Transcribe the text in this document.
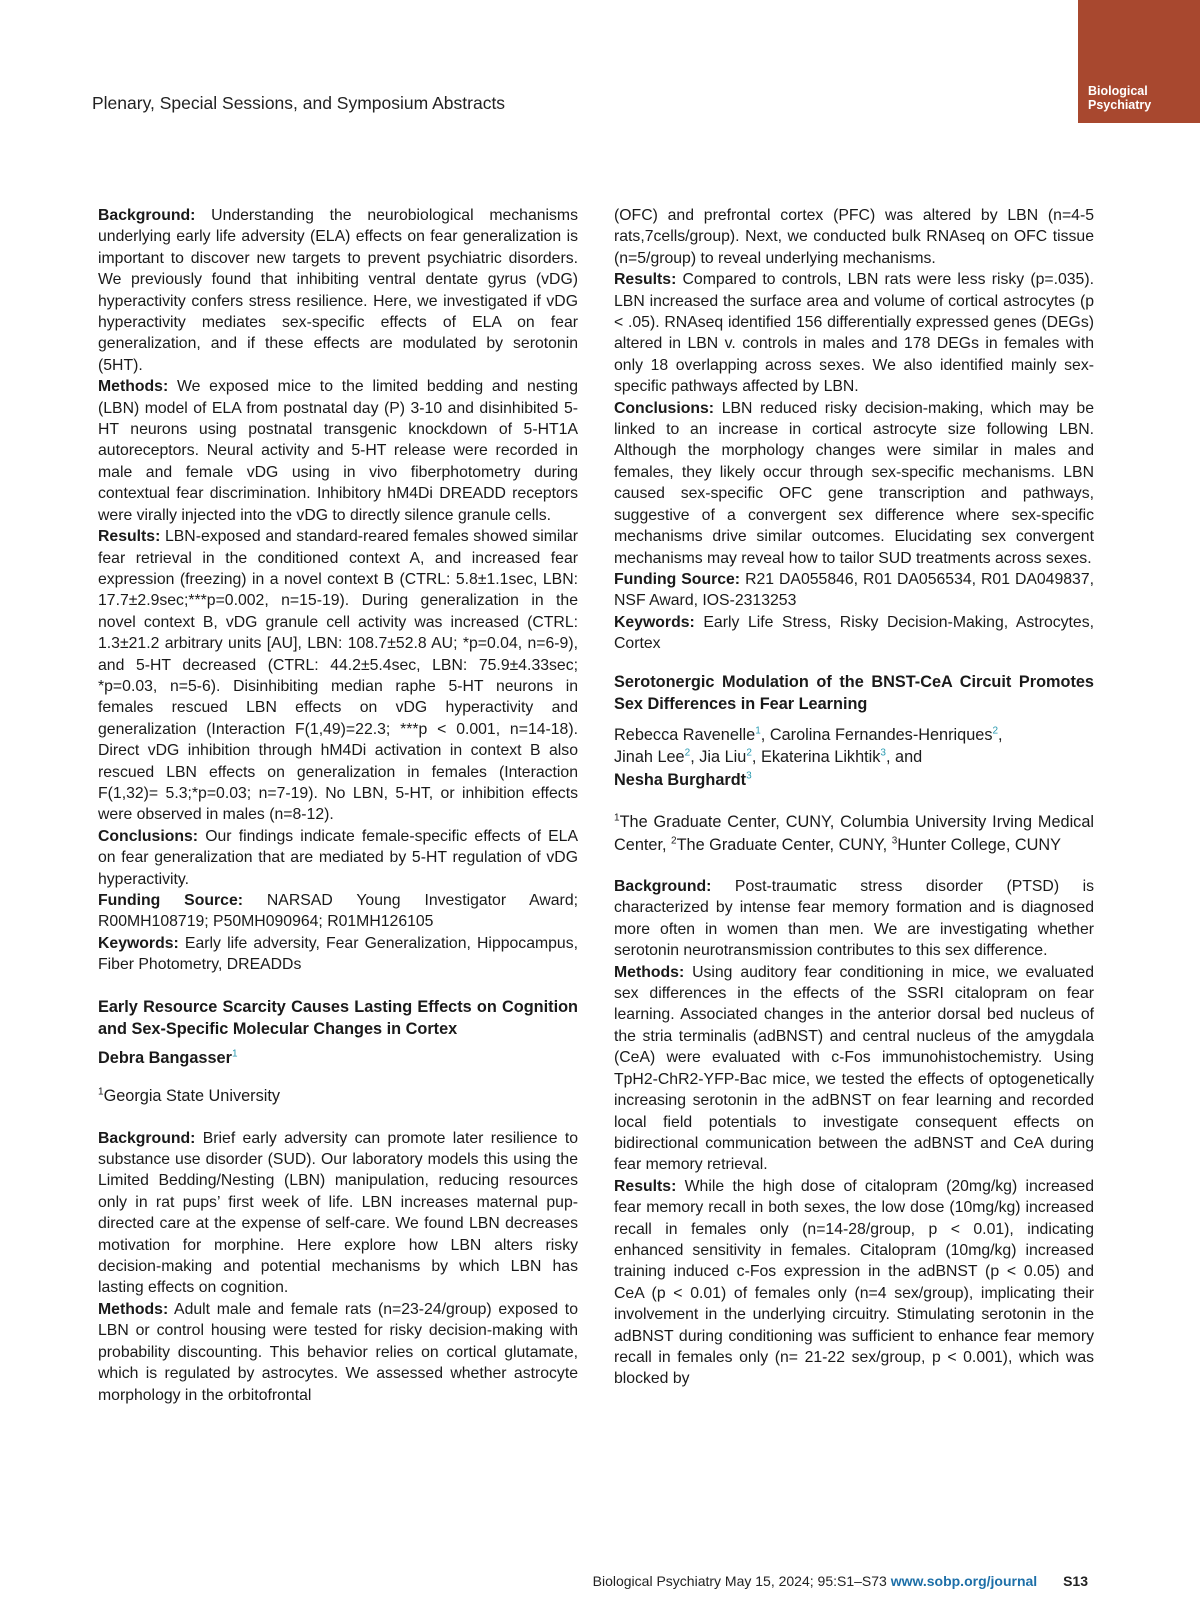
Plenary, Special Sessions, and Symposium Abstracts
Biological
Psychiatry

Background: Understanding the neurobiological mechanisms underlying early life adversity (ELA) effects on fear generalization is important to discover new targets to prevent psychiatric disorders. We previously found that inhibiting ventral dentate gyrus (vDG) hyperactivity confers stress resilience. Here, we investigated if vDG hyperactivity mediates sex-specific effects of ELA on fear generalization, and if these effects are modulated by serotonin (5HT).

Methods: We exposed mice to the limited bedding and nesting (LBN) model of ELA from postnatal day (P) 3-10 and disinhibited 5-HT neurons using postnatal transgenic knockdown of 5-HT1A autoreceptors. Neural activity and 5-HT release were recorded in male and female vDG using in vivo fiberphotometry during contextual fear discrimination. Inhibitory hM4Di DREADD receptors were virally injected into the vDG to directly silence granule cells.

Results: LBN-exposed and standard-reared females showed similar fear retrieval in the conditioned context A, and increased fear expression (freezing) in a novel context B (CTRL: 5.8±1.1sec, LBN: 17.7±2.9sec;***p=0.002, n=15-19). During generalization in the novel context B, vDG granule cell activity was increased (CTRL: 1.3±21.2 arbitrary units [AU], LBN: 108.7±52.8 AU; *p=0.04, n=6-9), and 5-HT decreased (CTRL: 44.2±5.4sec, LBN: 75.9±4.33sec; *p=0.03, n=5-6). Disinhibiting median raphe 5-HT neurons in females rescued LBN effects on vDG hyperactivity and generalization (Interaction F(1,49)=22.3; ***p < 0.001, n=14-18). Direct vDG inhibition through hM4Di activation in context B also rescued LBN effects on generalization in females (Interaction F(1,32)= 5.3;*p=0.03; n=7-19). No LBN, 5-HT, or inhibition effects were observed in males (n=8-12).

Conclusions: Our findings indicate female-specific effects of ELA on fear generalization that are mediated by 5-HT regulation of vDG hyperactivity.

Funding Source: NARSAD Young Investigator Award; R00MH108719; P50MH090964; R01MH126105

Keywords: Early life adversity, Fear Generalization, Hippocampus, Fiber Photometry, DREADDs

Early Resource Scarcity Causes Lasting Effects on Cognition and Sex-Specific Molecular Changes in Cortex

Debra Bangasser$^1$

$^1$Georgia State University

Background: Brief early adversity can promote later resilience to substance use disorder (SUD). Our laboratory models this using the Limited Bedding/Nesting (LBN) manipulation, reducing resources only in rat pups’ first week of life. LBN increases maternal pup-directed care at the expense of self-care. We found LBN decreases motivation for morphine. Here explore how LBN alters risky decision-making and potential mechanisms by which LBN has lasting effects on cognition.

Methods: Adult male and female rats (n=23-24/group) exposed to LBN or control housing were tested for risky decision-making with probability discounting. This behavior relies on cortical glutamate, which is regulated by astrocytes. We assessed whether astrocyte morphology in the orbitofrontal

(OFC) and prefrontal cortex (PFC) was altered by LBN (n=4-5 rats,7cells/group). Next, we conducted bulk RNAseq on OFC tissue (n=5/group) to reveal underlying mechanisms.

Results: Compared to controls, LBN rats were less risky (p=.035). LBN increased the surface area and volume of cortical astrocytes (p < .05). RNAseq identified 156 differentially expressed genes (DEGs) altered in LBN v. controls in males and 178 DEGs in females with only 18 overlapping across sexes. We also identified mainly sex-specific pathways affected by LBN.

Conclusions: LBN reduced risky decision-making, which may be linked to an increase in cortical astrocyte size following LBN. Although the morphology changes were similar in males and females, they likely occur through sex-specific mechanisms. LBN caused sex-specific OFC gene transcription and pathways, suggestive of a convergent sex difference where sex-specific mechanisms drive similar outcomes. Elucidating sex convergent mechanisms may reveal how to tailor SUD treatments across sexes.

Funding Source: R21 DA055846, R01 DA056534, R01 DA049837, NSF Award, IOS-2313253

Keywords: Early Life Stress, Risky Decision-Making, Astrocytes, Cortex

Serotonergic Modulation of the BNST-CeA Circuit Promotes Sex Differences in Fear Learning

Rebecca Ravenelle$^1$, Carolina Fernandes-Henriques$^2$,
Jinah Lee$^2$, Jia Liu$^2$, Ekaterina Likhtik$^3$, and
Nesha Burghardt$^3$

$^1$The Graduate Center, CUNY, Columbia University Irving Medical Center, $^2$The Graduate Center, CUNY, $^3$Hunter College, CUNY

Background: Post-traumatic stress disorder (PTSD) is characterized by intense fear memory formation and is diagnosed more often in women than men. We are investigating whether serotonin neurotransmission contributes to this sex difference.

Methods: Using auditory fear conditioning in mice, we evaluated sex differences in the effects of the SSRI citalopram on fear learning. Associated changes in the anterior dorsal bed nucleus of the stria terminalis (adBNST) and central nucleus of the amygdala (CeA) were evaluated with c-Fos immunohistochemistry. Using TpH2-ChR2-YFP-Bac mice, we tested the effects of optogenetically increasing serotonin in the adBNST on fear learning and recorded local field potentials to investigate consequent effects on bidirectional communication between the adBNST and CeA during fear memory retrieval.

Results: While the high dose of citalopram (20mg/kg) increased fear memory recall in both sexes, the low dose (10mg/kg) increased recall in females only (n=14-28/group, p < 0.01), indicating enhanced sensitivity in females. Citalopram (10mg/kg) increased training induced c-Fos expression in the adBNST (p < 0.05) and CeA (p < 0.01) of females only (n=4 sex/group), implicating their involvement in the underlying circuitry. Stimulating serotonin in the adBNST during conditioning was sufficient to enhance fear memory recall in females only (n= 21-22 sex/group, p < 0.001), which was blocked by

Biological Psychiatry May 15, 2024; 95:S1–S73 www.sobp.org/journal S13
